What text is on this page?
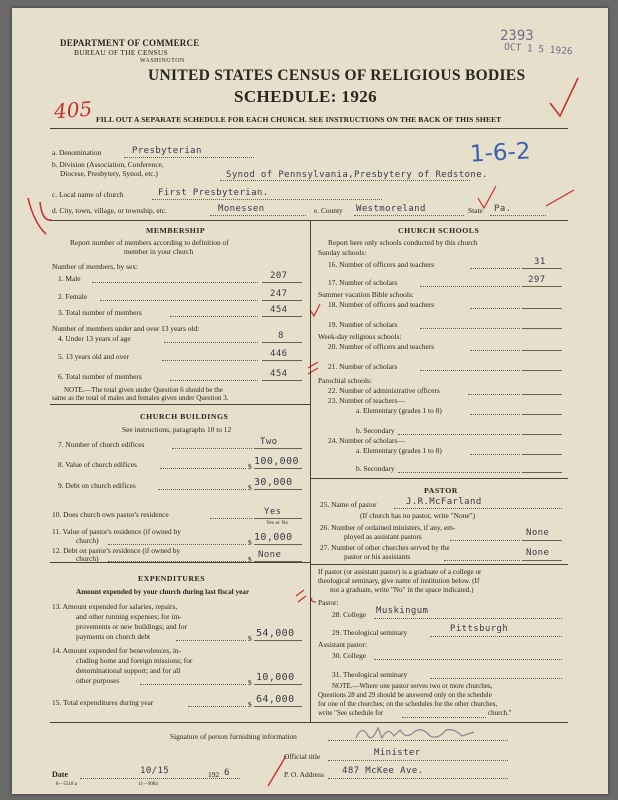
DEPARTMENT OF COMMERCE
BUREAU OF THE CENSUS
WASHINGTON
UNITED STATES CENSUS OF RELIGIOUS BODIES
SCHEDULE: 1926
FILL OUT A SEPARATE SCHEDULE FOR EACH CHURCH. SEE INSTRUCTIONS ON THE BACK OF THIS SHEET
2393
OCT 1 5 1926
405
1-6-2
a. Denomination	Presbyterian
b. Division (Association, Conference,
Diocese, Presbytery, Synod, etc.)	Synod of Pennsylvania,Presbytery of Redstone.
c. Local name of church	First Presbyterian.
d. City, town, village, or township, etc.	Monessen	e. County Westmoreland	State Pa.
MEMBERSHIP
Report number of members according to definition of
member in your church
Number of members, by sex:
1. Male	207
2. Female	247
3. Total number of members	454
Number of members under and over 13 years old:
4. Under 13 years of age	8
5. 13 years old and over	446
6. Total number of members	454
NOTE.—The total given under Question 6 should be the
same as the total of males and females given under Question 3.
CHURCH BUILDINGS
See instructions, paragraphs 10 to 12
7. Number of church edifices	Two
8. Value of church edifices	$ 100,000
9. Debt on church edifices	$ 30,000
10. Does church own pastor's residence	Yes
Yes or No
11. Value of pastor's residence (if owned by
church)	$ 10,000
12. Debt on pastor's residence (if owned by
church)	$ None
EXPENDITURES
Amount expended by your church during last fiscal year
13. Amount expended for salaries, repairs,
and other running expenses; for im-
provements or new buildings; and for
payments on church debt	$ 54,000
14. Amount expended for benevolences, in-
cluding home and foreign missions; for
denominational support; and for all
other purposes	$ 10,000
15. Total expenditures during year	$ 64,000
CHURCH SCHOOLS
Report here only schools conducted by this church
Sunday schools:
16. Number of officers and teachers	31
17. Number of scholars	297
Summer vacation Bible schools:
18. Number of officers and teachers
19. Number of scholars
Week-day religious schools:
20. Number of officers and teachers
21. Number of scholars
Parochial schools:
22. Number of administrative officers
23. Number of teachers—
a. Elementary (grades 1 to 8)
b. Secondary
24. Number of scholars—
a. Elementary (grades 1 to 8)
b. Secondary
PASTOR
25. Name of pastor	J.R.McFarland
(If church has no pastor, write "None")
26. Number of ordained ministers, if any, em-
ployed as assistant pastors	None
27. Number of other churches served by the
pastor or his assistants	None
If pastor (or assistant pastor) is a graduate of a college or
theological seminary, give name of institution below. (If
not a graduate, write "No" in the space indicated.)
Pastor:
28. College Muskingum
29. Theological seminary	Pittsburgh
Assistant pastor:
30. College
31. Theological seminary
NOTE.—Where one pastor serves two or more churches,
Questions 28 and 29 should be answered only on the schedule
for one of the churches; on the schedules for the other churches,
write "See schedule for	church."
Signature of person furnishing information
Official title	Minister
Date	10/15	192 6	P. O. Address 487 McKee Ave.
8—5518 a	11—9084
